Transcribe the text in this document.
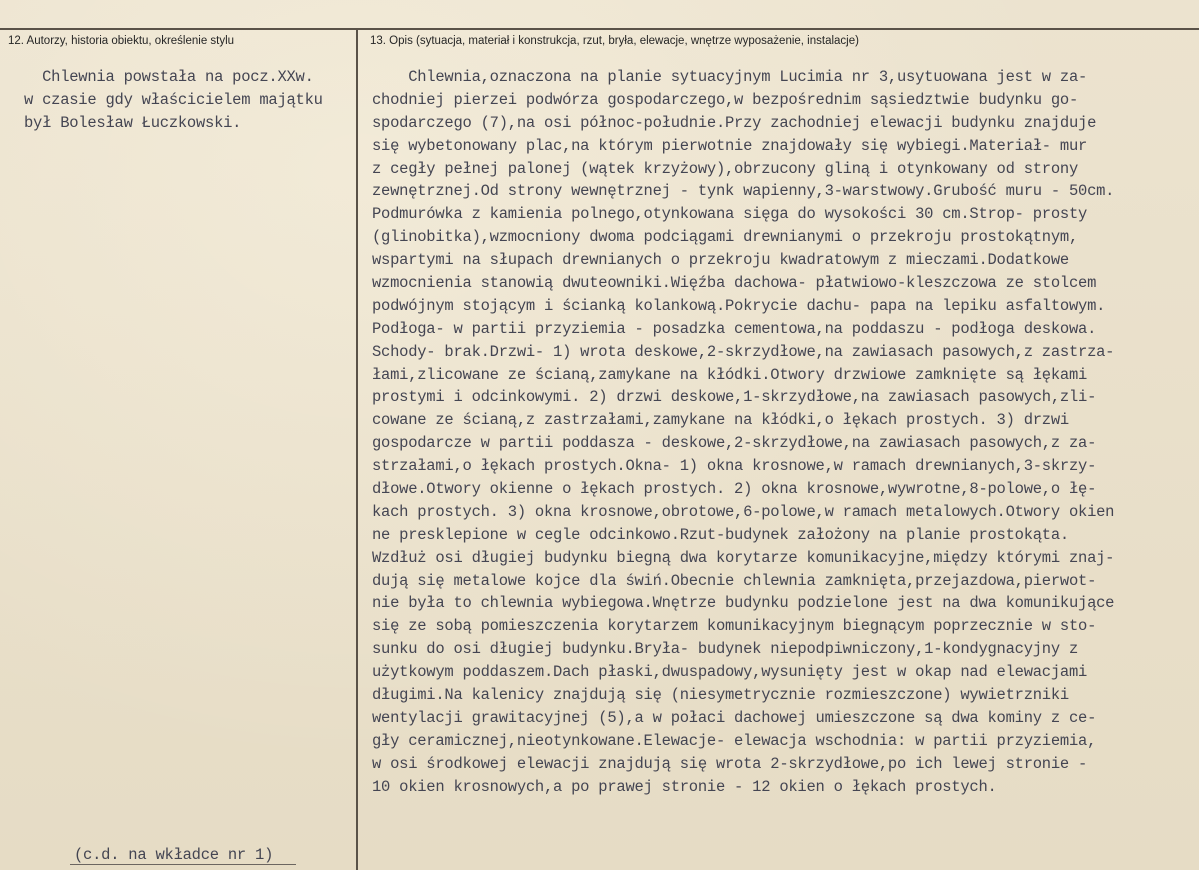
12. Autorzy, historia obiektu, określenie stylu	13. Opis (sytuacja, materiał i konstrukcja, rzut, bryła, elewacje, wnętrze wyposażenie, instalacje)
Chlewnia powstała na pocz.XXw.
w czasie gdy właścicielem majątku
był Bolesław Łuczkowski.
Chlewnia,oznaczona na planie sytuacyjnym Lucimia nr 3,usytuowana jest w za-
chodniej pierzei podwórza gospodarczego,w bezpośrednim sąsiedztwie budynku go-
spodarczego (7),na osi północ-południe.Przy zachodniej elewacji budynku znajduje
się wybetonowany plac,na którym pierwotnie znajdowały się wybiegi.Materiał- mur
z cegły pełnej palonej (wątek krzyżowy),obrzucony gliną i otynkowany od strony
zewnętrznej.Od strony wewnętrznej - tynk wapienny,3-warstwowy.Grubość muru - 50cm.
Podmurówka z kamienia polnego,otynkowana sięga do wysokości 30 cm.Strop- prosty
(glinobitka),wzmocniony dwoma podciągami drewnianymi o przekroju prostokątnym,
wspartymi na słupach drewnianych o przekroju kwadratowym z mieczami.Dodatkowe
wzmocnienia stanowią dwuteowniki.Więźba dachowa- płatwiowo-kleszczowa ze stolcem
podwójnym stojącym i ścianką kolankową.Pokrycie dachu- papa na lepiku asfaltowym.
Podłoga- w partii przyziemia - posadzka cementowa,na poddaszu - podłoga deskowa.
Schody- brak.Drzwi- 1) wrota deskowe,2-skrzydłowe,na zawiasach pasowych,z zastrza-
łami,zlicowane ze ścianą,zamykane na kłódki.Otwory drzwiowe zamknięte są łękami
prostymi i odcinkowymi. 2) drzwi deskowe,1-skrzydłowe,na zawiasach pasowych,zli-
cowane ze ścianą,z zastrzałami,zamykane na kłódki,o łękach prostych. 3) drzwi
gospodarcze w partii poddasza - deskowe,2-skrzydłowe,na zawiasach pasowych,z za-
strzałami,o łękach prostych.Okna- 1) okna krosnowe,w ramach drewnianych,3-skrzy-
dłowe.Otwory okienne o łękach prostych. 2) okna krosnowe,wywrotne,8-polowe,o łę-
kach prostych. 3) okna krosnowe,obrotowe,6-polowe,w ramach metalowych.Otwory okien
ne presklepione w cegle odcinkowo.Rzut-budynek założony na planie prostokąta.
Wzdłuż osi długiej budynku biegną dwa korytarze komunikacyjne,między którymi znaj-
dują się metalowe kojce dla świń.Obecnie chlewnia zamknięta,przejazdowa,pierwot-
nie była to chlewnia wybiegowa.Wnętrze budynku podzielone jest na dwa komunikujące
się ze sobą pomieszczenia korytarzem komunikacyjnym biegnącym poprzecznie w sto-
sunku do osi długiej budynku.Bryła- budynek niepodpiwniczony,1-kondygnacyjny z
użytkowym poddaszem.Dach płaski,dwuspadowy,wysunięty jest w okap nad elewacjami
długimi.Na kalenicy znajdują się (niesymetrycznie rozmieszczone) wywietrzniki
wentylacji grawitacyjnej (5),a w połaci dachowej umieszczone są dwa kominy z ce-
gły ceramicznej,nieotynkowane.Elewacje- elewacja wschodnia: w partii przyziemia,
w osi środkowej elewacji znajdują się wrota 2-skrzydłowe,po ich lewej stronie -
10 okien krosnowych,a po prawej stronie - 12 okien o łękach prostych.
(c.d. na wkładce nr 1)
